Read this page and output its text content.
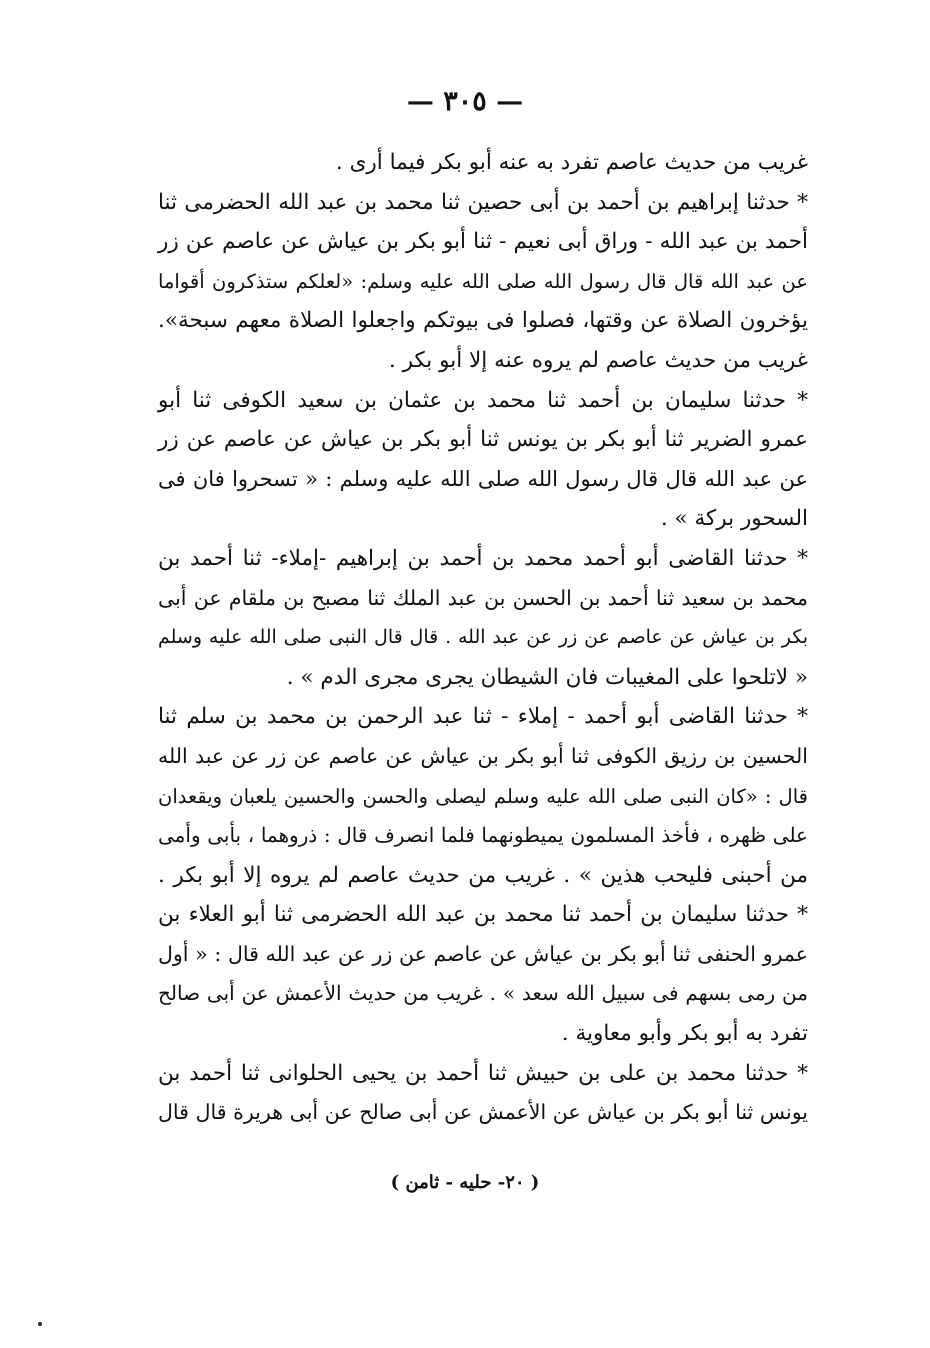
— ٣٠٥ —
غريب من حديث عاصم تفرد به عنه أبو بكر فيما أرى .
* حدثنا إبراهيم بن أحمد بن أبى حصين ثنا محمد بن عبد الله الحضرمى ثنا
أحمد بن عبد الله - وراق أبى نعيم - ثنا أبو بكر بن عياش عن عاصم عن زر
عن عبد الله قال قال رسول الله صلى الله عليه وسلم: «لعلكم ستذكرون أقواما
يؤخرون الصلاة عن وقتها، فصلوا فى بيوتكم واجعلوا الصلاة معهم سبحة».
غريب من حديث عاصم لم يروه عنه إلا أبو بكر .
* حدثنا سليمان بن أحمد ثنا محمد بن عثمان بن سعيد الكوفى ثنا أبو
عمرو الضرير ثنا أبو بكر بن يونس ثنا أبو بكر بن عياش عن عاصم عن زر
عن عبد الله قال قال رسول الله صلى الله عليه وسلم : « تسحروا فان فى
السحور بركة » .
* حدثنا القاضى أبو أحمد محمد بن أحمد بن إبراهيم -إملاء- ثنا أحمد بن
محمد بن سعيد ثنا أحمد بن الحسن بن عبد الملك ثنا مصبح بن ملقام عن أبى
بكر بن عياش عن عاصم عن زر عن عبد الله . قال قال النبى صلى الله عليه وسلم
« لاتلحوا على المغيبات فان الشيطان يجرى مجرى الدم » .
* حدثنا القاضى أبو أحمد - إملاء - ثنا عبد الرحمن بن محمد بن سلم ثنا
الحسين بن رزيق الكوفى ثنا أبو بكر بن عياش عن عاصم عن زر عن عبد الله
قال : «كان النبى صلى الله عليه وسلم ليصلى والحسن والحسين يلعبان ويقعدان
على ظهره ، فأخذ المسلمون يميطونهما فلما انصرف قال : ذروهما ، بأبى وأمى
من أحبنى فليحب هذين » . غريب من حديث عاصم لم يروه إلا أبو بكر .
* حدثنا سليمان بن أحمد ثنا محمد بن عبد الله الحضرمى ثنا أبو العلاء بن
عمرو الحنفى ثنا أبو بكر بن عياش عن عاصم عن زر عن عبد الله قال : « أول
من رمى بسهم فى سبيل الله سعد » . غريب من حديث الأعمش عن أبى صالح
تفرد به أبو بكر وأبو معاوية .
* حدثنا محمد بن على بن حبيش ثنا أحمد بن يحيى الحلوانى ثنا أحمد بن
يونس ثنا أبو بكر بن عياش عن الأعمش عن أبى صالح عن أبى هريرة قال قال
( ٢٠- حليه - ثامن )
